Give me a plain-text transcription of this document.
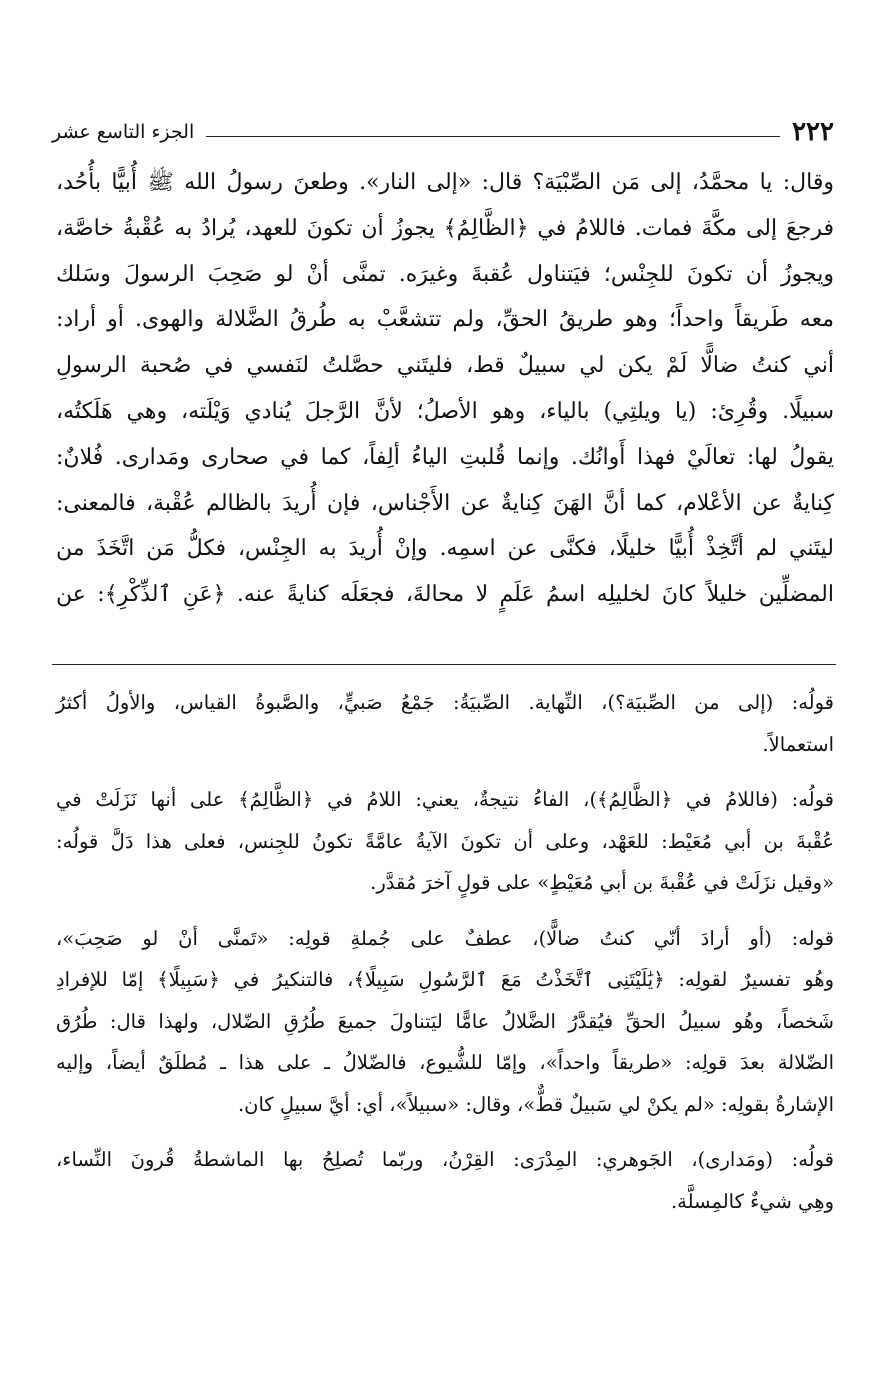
٢٢٢
الجزء التاسع عشر
وقال: يا محمَّدُ، إلى مَن الصِّبْيَة؟ قال: «إلى النار». وطعنَ رسولُ الله ﷺ أُبيًّا بأُحُد،
فرجعَ إلى مكَّةَ فمات. فاللامُ في ﴿الظَّالِمُ﴾ يجوزُ أن تكونَ للعهد، يُرادُ به عُقْبةُ خاصَّة،
ويجوزُ أن تكونَ للجِنْس؛ فيَتناول عُقبةَ وغيرَه. تمنَّى أنْ لو صَحِبَ الرسولَ وسَلك
معه طَريقاً واحداً؛ وهو طريقُ الحقِّ، ولم تتشعَّبْ به طُرقُ الضَّلالة والهوى. أو أراد:
أني كنتُ ضالًّا لَمْ يكن لي سبيلٌ قط، فليتَني حصَّلتُ لنَفسي في صُحبة الرسولِ
سبيلًا. وقُرِئ: (يا ويلتِي) بالياء، وهو الأصلُ؛ لأنَّ الرَّجلَ يُنادي وَيْلَته، وهي هَلَكتُه،
يقولُ لها: تعالَيْ فهذا أَوانُك. وإنما قُلبتِ الياءُ ألِفاً، كما في صحارى ومَدارى. فُلانٌ:
كِنايةٌ عن الأعْلام، كما أنَّ الهَنَ كِنايةٌ عن الأَجْناس، فإن أُريدَ بالظالم عُقْبة، فالمعنى:
ليتَني لم أتَّخِذْ أُبيًّا خليلًا، فكنَّى عن اسمِه. وإنْ أُريدَ به الجِنْس، فكلُّ مَن اتَّخَذَ من
المضلِّين خليلاً كانَ لخليلِه اسمُ عَلَمٍ لا محالةَ، فجعَلَه كنايةً عنه. ﴿عَنِ ٱلذِّكْرِ﴾: عن
قولُه: (إلى من الصِّبيَة؟)، النِّهاية. الصِّبيَةُ: جَمْعُ صَبيٍّ، والصَّبوةُ القياس، والأولُ أكثرُ
استعمالاً.
قولُه: (فاللامُ في ﴿الظَّالِمُ﴾)، الفاءُ نتيجةٌ، يعني: اللامُ في ﴿الظَّالِمُ﴾ على أنها نَزَلَتْ في
عُقْبةَ بن أبي مُعَيْط: للعَهْد، وعلى أن تكونَ الآيةُ عامَّةً تكونُ للجِنس، فعلى هذا دَلَّ قولُه:
«وقيل نزَلَتْ في عُقْبةَ بن أبي مُعَيْطٍ» على قولٍ آخرَ مُقدَّر.
قوله: (أو أرادَ أنّي كنتُ ضالًّا)، عطفٌ على جُملةِ قولِه: «تَمنَّى أنْ لو صَحِبَ»،
وهُو تفسيرٌ لقولِه: ﴿يَٰلَيْتَنِى ٱتَّخَذْتُ مَعَ ٱلرَّسُولِ سَبِيلًا﴾، فالتنكيرُ في ﴿سَبِيلًا﴾ إمّا للإفرادِ
شَخصاً، وهُو سبيلُ الحقِّ فيُقدَّرُ الضَّلالُ عامًّا ليَتناولَ جميعَ طُرُقِ الضّلال، ولهذا قال: طُرُق
الضّلالة بعدَ قولِه: «طريقاً واحداً»، وإمّا للشُّيوع، فالضّلالُ ـ على هذا ـ مُطلَقٌ أيضاً، وإليه
الإشارةُ بقولِه: «لم يكنْ لي سَبيلٌ قطٌّ»، وقال: «سبيلاً»، أي: أيَّ سبيلٍ كان.
قولُه: (ومَدارى)، الجَوهري: المِدْرَى: القِرْنُ، وربّما تُصلِحُ بها الماشطةُ قُرونَ النِّساء،
وهِي شيءٌ كالمِسلَّة.
